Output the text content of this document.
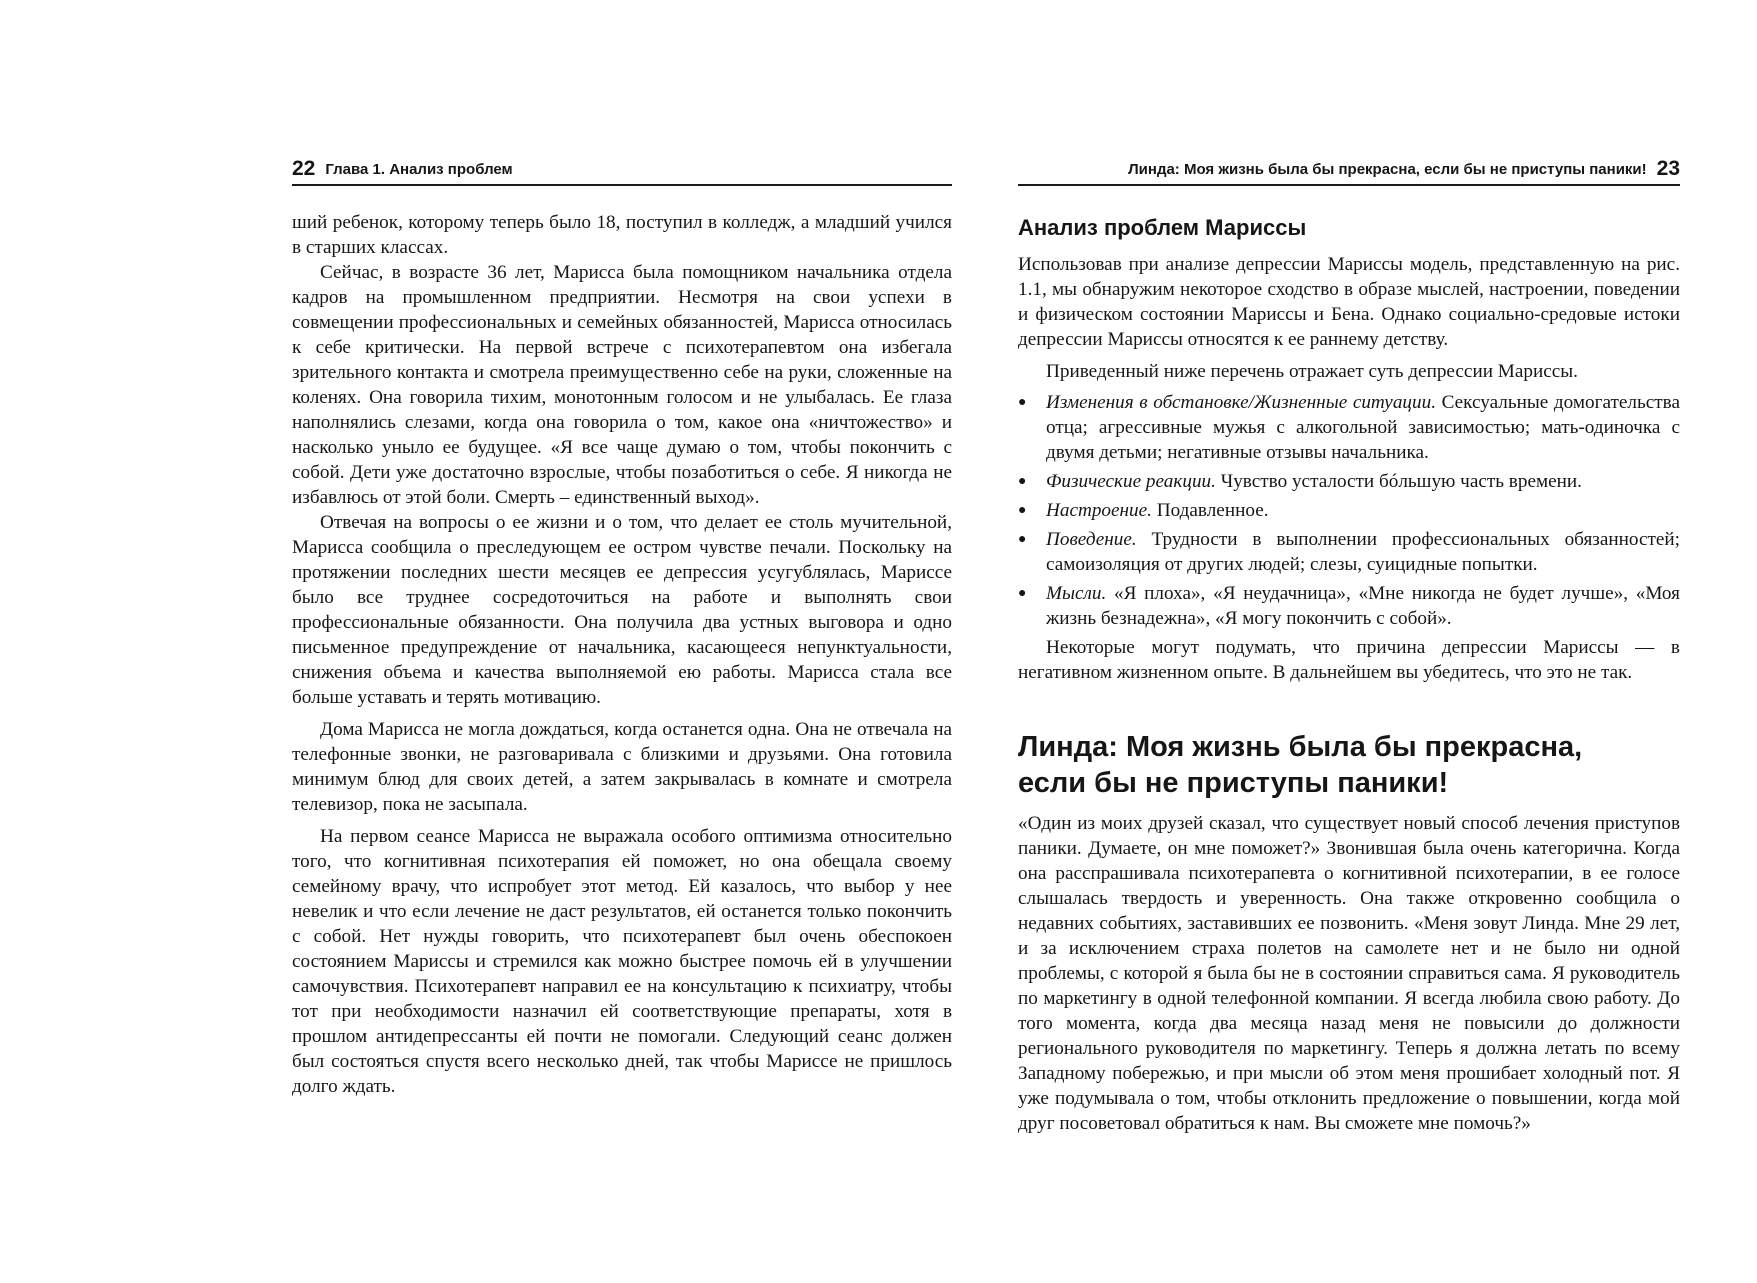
22 Глава 1. Анализ проблем

ший ребенок, которому теперь было 18, поступил в колледж, а младший учился в старших классах.

Сейчас, в возрасте 36 лет, Марисса была помощником начальника отдела кадров на промышленном предприятии. Несмотря на свои успехи в совмещении профессиональных и семейных обязанностей, Марисса относилась к себе критически. На первой встрече с психотерапевтом она избегала зрительного контакта и смотрела преимущественно себе на руки, сложенные на коленях. Она говорила тихим, монотонным голосом и не улыбалась. Ее глаза наполнялись слезами, когда она говорила о том, какое она «ничтожество» и насколько уныло ее будущее. «Я все чаще думаю о том, чтобы покончить с собой. Дети уже достаточно взрослые, чтобы позаботиться о себе. Я никогда не избавлюсь от этой боли. Смерть – единственный выход».

Отвечая на вопросы о ее жизни и о том, что делает ее столь мучительной, Марисса сообщила о преследующем ее остром чувстве печали. Поскольку на протяжении последних шести месяцев ее депрессия усугублялась, Мариссе было все труднее сосредоточиться на работе и выполнять свои профессиональные обязанности. Она получила два устных выговора и одно письменное предупреждение от начальника, касающееся непунктуальности, снижения объема и качества выполняемой ею работы. Марисса стала все больше уставать и терять мотивацию.

Дома Марисса не могла дождаться, когда останется одна. Она не отвечала на телефонные звонки, не разговаривала с близкими и друзьями. Она готовила минимум блюд для своих детей, а затем закрывалась в комнате и смотрела телевизор, пока не засыпала.

На первом сеансе Марисса не выражала особого оптимизма относительно того, что когнитивная психотерапия ей поможет, но она обещала своему семейному врачу, что испробует этот метод. Ей казалось, что выбор у нее невелик и что если лечение не даст результатов, ей останется только покончить с собой. Нет нужды говорить, что психотерапевт был очень обеспокоен состоянием Мариссы и стремился как можно быстрее помочь ей в улучшении самочувствия. Психотерапевт направил ее на консультацию к психиатру, чтобы тот при необходимости назначил ей соответствующие препараты, хотя в прошлом антидепрессанты ей почти не помогали. Следующий сеанс должен был состояться спустя всего несколько дней, так чтобы Мариссе не пришлось долго ждать.

Линда: Моя жизнь была бы прекрасна, если бы не приступы паники! 23
Анализ проблем Мариссы

Использовав при анализе депрессии Мариссы модель, представленную на рис. 1.1, мы обнаружим некоторое сходство в образе мыслей, настроении, поведении и физическом состоянии Мариссы и Бена. Однако социально-средовые истоки депрессии Мариссы относятся к ее раннему детству.

Приведенный ниже перечень отражает суть депрессии Мариссы.

● Изменения в обстановке/Жизненные ситуации. Сексуальные домогательства отца; агрессивные мужья с алкогольной зависимостью; мать-одиночка с двумя детьми; негативные отзывы начальника.
● Физические реакции. Чувство усталости бóльшую часть времени.
● Настроение. Подавленное.
● Поведение. Трудности в выполнении профессиональных обязанностей; самоизоляция от других людей; слезы, суицидные попытки.
● Мысли. «Я плоха», «Я неудачница», «Мне никогда не будет лучше», «Моя жизнь безнадежна», «Я могу покончить с собой».

Некоторые могут подумать, что причина депрессии Мариссы — в негативном жизненном опыте. В дальнейшем вы убедитесь, что это не так.

Линда: Моя жизнь была бы прекрасна,
если бы не приступы паники!

«Один из моих друзей сказал, что существует новый способ лечения приступов паники. Думаете, он мне поможет?» Звонившая была очень категорична. Когда она расспрашивала психотерапевта о когнитивной психотерапии, в ее голосе слышалась твердость и уверенность. Она также откровенно сообщила о недавних событиях, заставивших ее позвонить. «Меня зовут Линда. Мне 29 лет, и за исключением страха полетов на самолете нет и не было ни одной проблемы, с которой я была бы не в состоянии справиться сама. Я руководитель по маркетингу в одной телефонной компании. Я всегда любила свою работу. До того момента, когда два месяца назад меня не повысили до должности регионального руководителя по маркетингу. Теперь я должна летать по всему Западному побережью, и при мысли об этом меня прошибает холодный пот. Я уже подумывала о том, чтобы отклонить предложение о повышении, когда мой друг посоветовал обратиться к нам. Вы сможете мне помочь?»
